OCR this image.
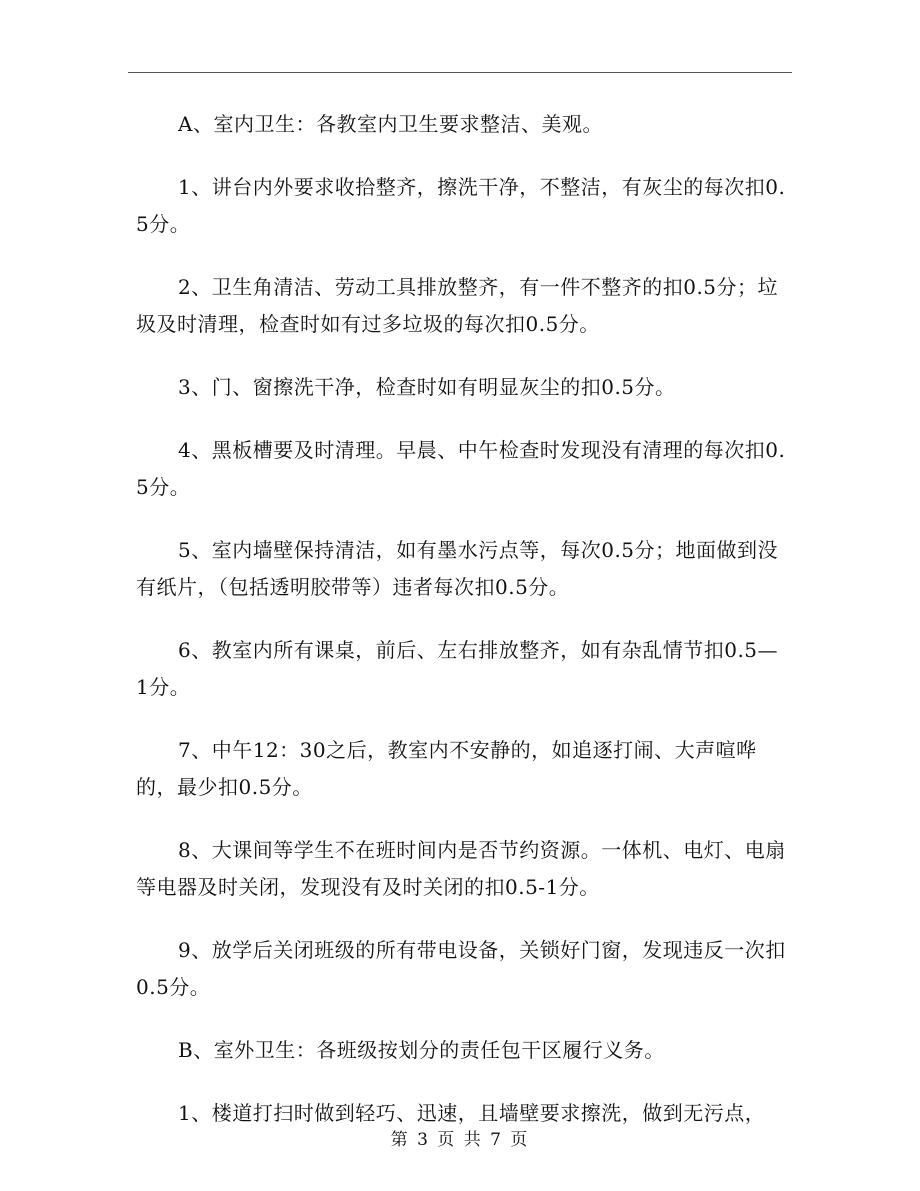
A、室内卫生：各教室内卫生要求整洁、美观。

1、讲台内外要求收拾整齐，擦洗干净，不整洁，有灰尘的每次扣0.5分。

2、卫生角清洁、劳动工具排放整齐，有一件不整齐的扣0.5分；垃圾及时清理，检查时如有过多垃圾的每次扣0.5分。

3、门、窗擦洗干净，检查时如有明显灰尘的扣0.5分。

4、黑板槽要及时清理。早晨、中午检查时发现没有清理的每次扣0.5分。

5、室内墙壁保持清洁，如有墨水污点等，每次0.5分；地面做到没有纸片，（包括透明胶带等）违者每次扣0.5分。

6、教室内所有课桌，前后、左右排放整齐，如有杂乱情节扣0.5—1分。

7、中午12：30之后，教室内不安静的，如追逐打闹、大声喧哗的，最少扣0.5分。

8、大课间等学生不在班时间内是否节约资源。一体机、电灯、电扇等电器及时关闭，发现没有及时关闭的扣0.5-1分。

9、放学后关闭班级的所有带电设备，关锁好门窗，发现违反一次扣0.5分。

B、室外卫生：各班级按划分的责任包干区履行义务。

1、楼道打扫时做到轻巧、迅速，且墙壁要求擦洗，做到无污点，

第 3 页 共 7 页
